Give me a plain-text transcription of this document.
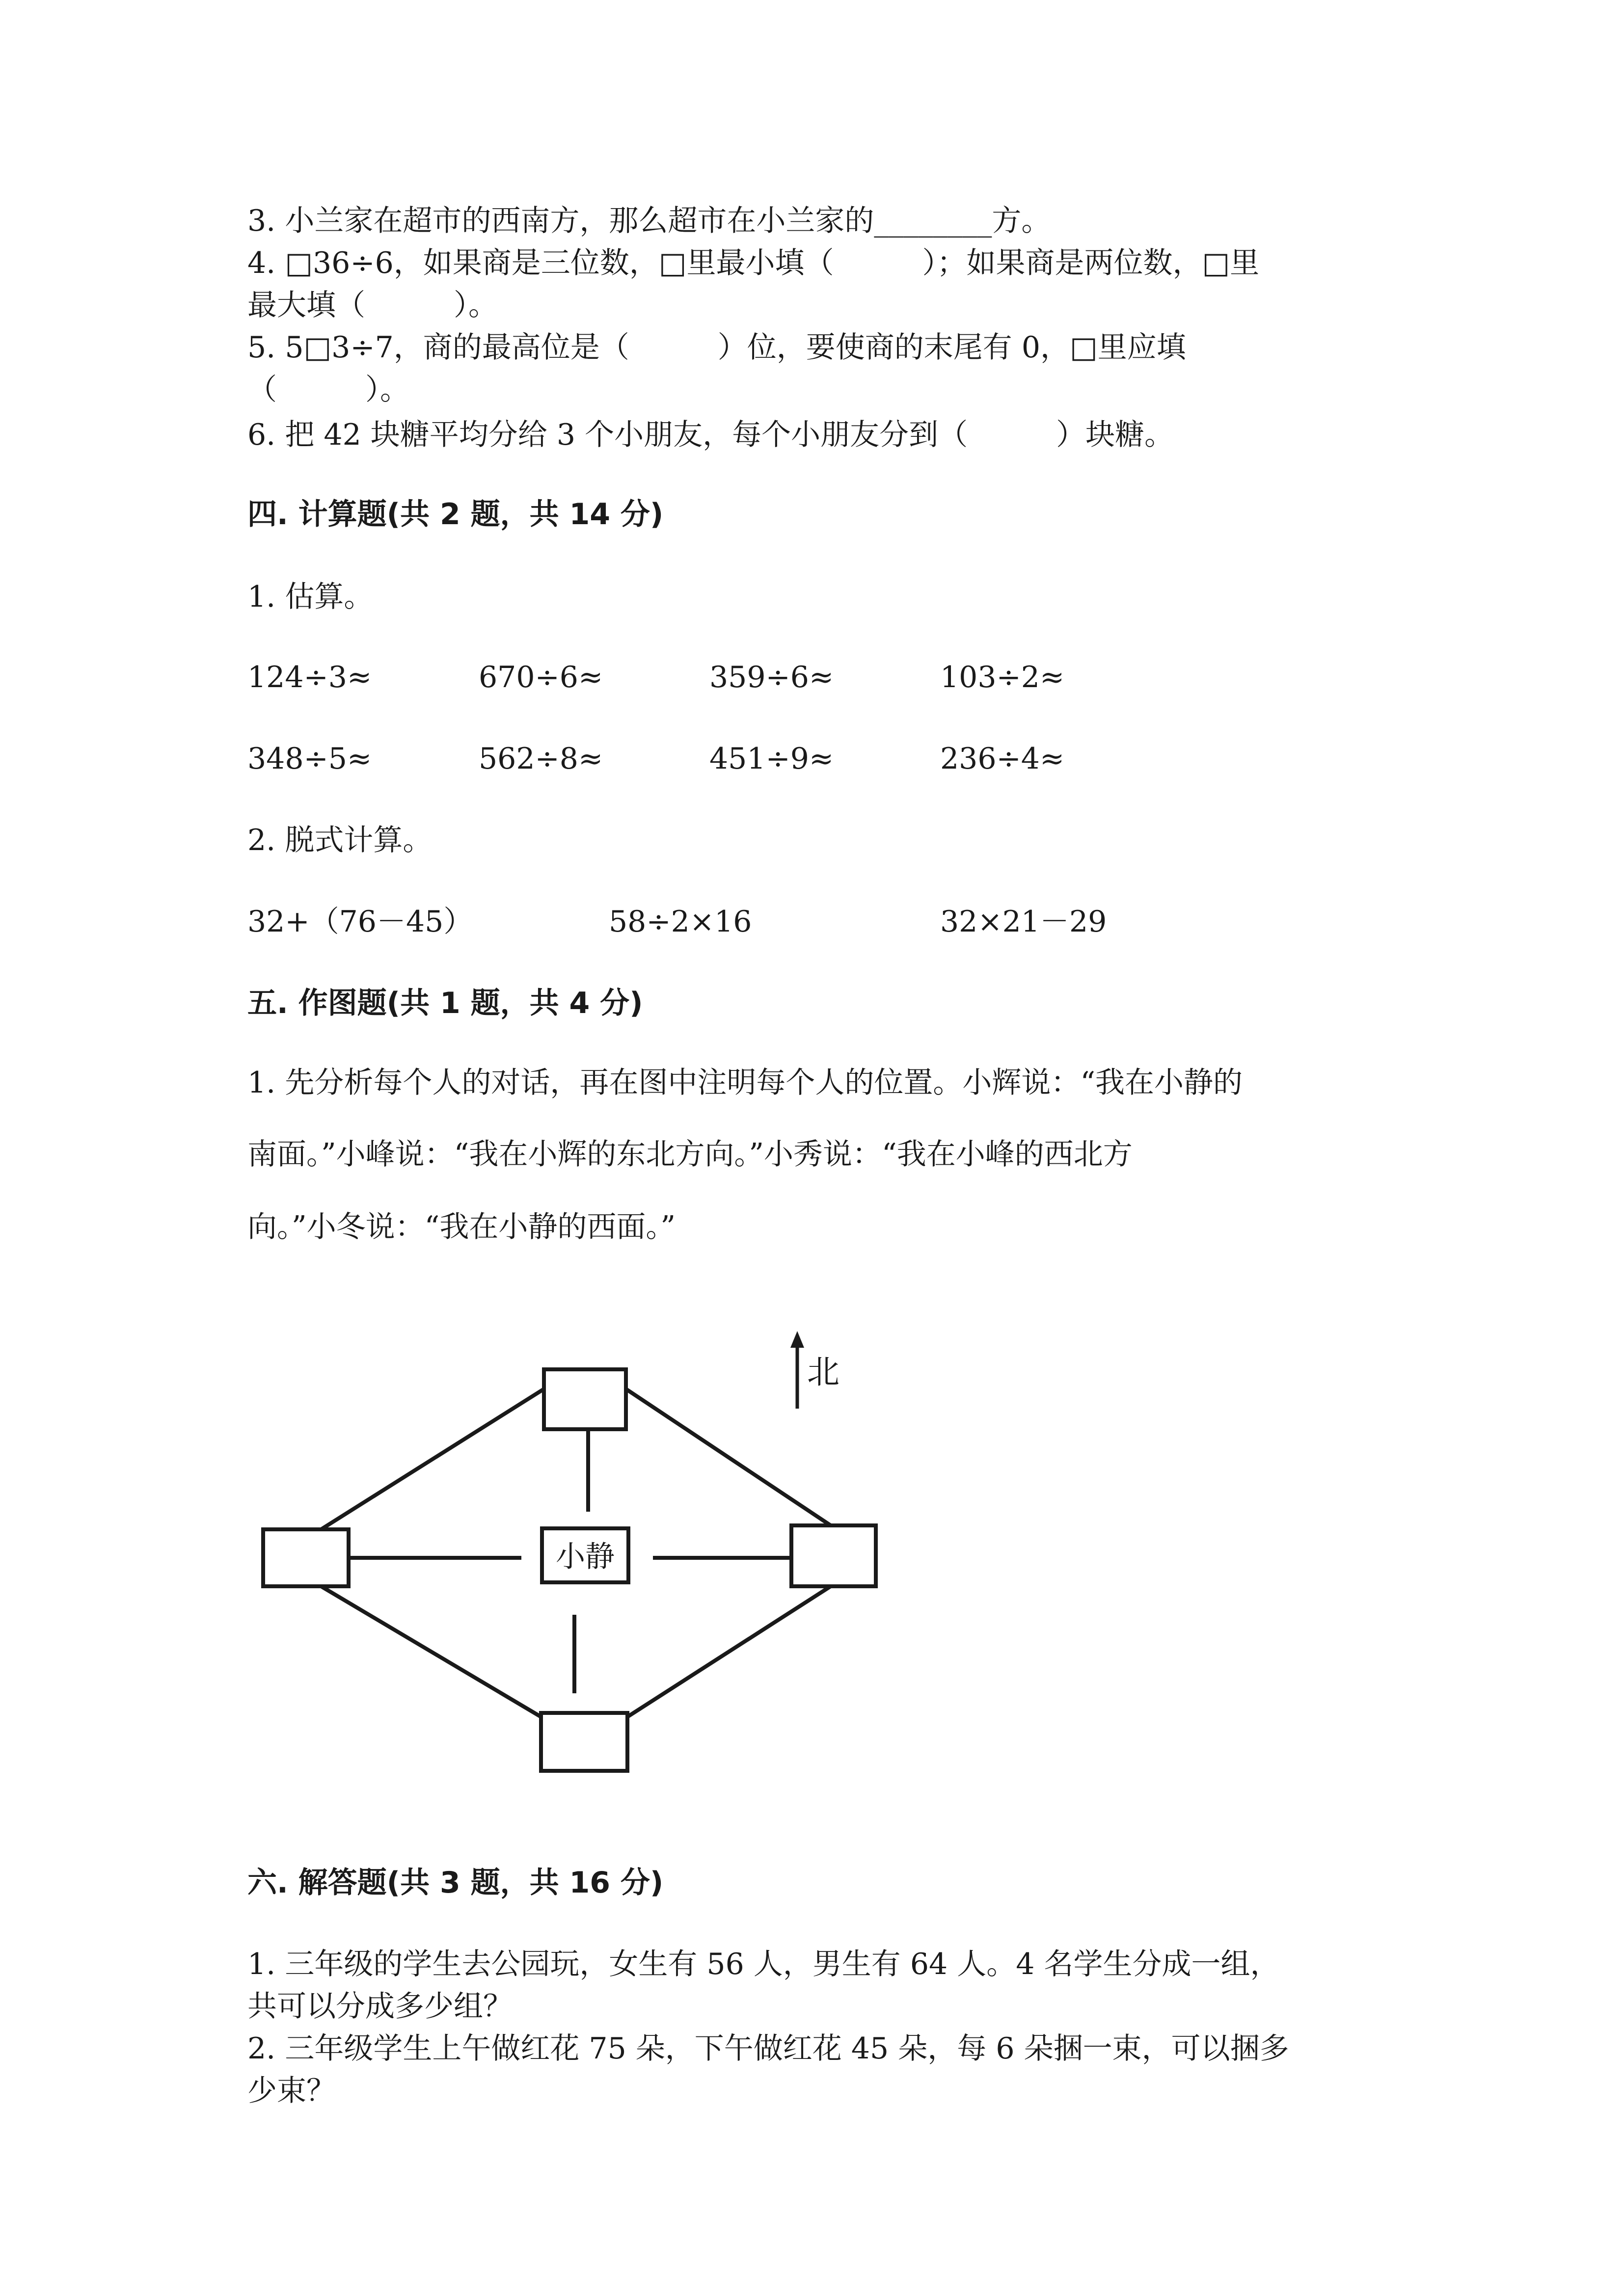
3. 小兰家在超市的西南方，那么超市在小兰家的________方。
4. □36÷6，如果商是三位数，□里最小填（　　　）；如果商是两位数，□里
最大填（　　　）。
5. 5□3÷7，商的最高位是（　　　）位，要使商的末尾有 0，□里应填
（　　　）。
6. 把 42 块糖平均分给 3 个小朋友，每个小朋友分到（　　　）块糖。
四. 计算题(共 2 题，共 14 分)
1. 估算。
124÷3≈	670÷6≈	359÷6≈	103÷2≈
348÷5≈	562÷8≈	451÷9≈	236÷4≈
2. 脱式计算。
32+（76－45）	58÷2×16	32×21－29
五. 作图题(共 1 题，共 4 分)
1. 先分析每个人的对话，再在图中注明每个人的位置。小辉说：“我在小静的
南面。”小峰说：“我在小辉的东北方向。”小秀说：“我在小峰的西北方
向。”小冬说：“我在小静的西面。”
小静
北
六. 解答题(共 3 题，共 16 分)
1. 三年级的学生去公园玩，女生有 56 人，男生有 64 人。4 名学生分成一组，
共可以分成多少组？
2. 三年级学生上午做红花 75 朵，下午做红花 45 朵，每 6 朵捆一束，可以捆多
少束？
